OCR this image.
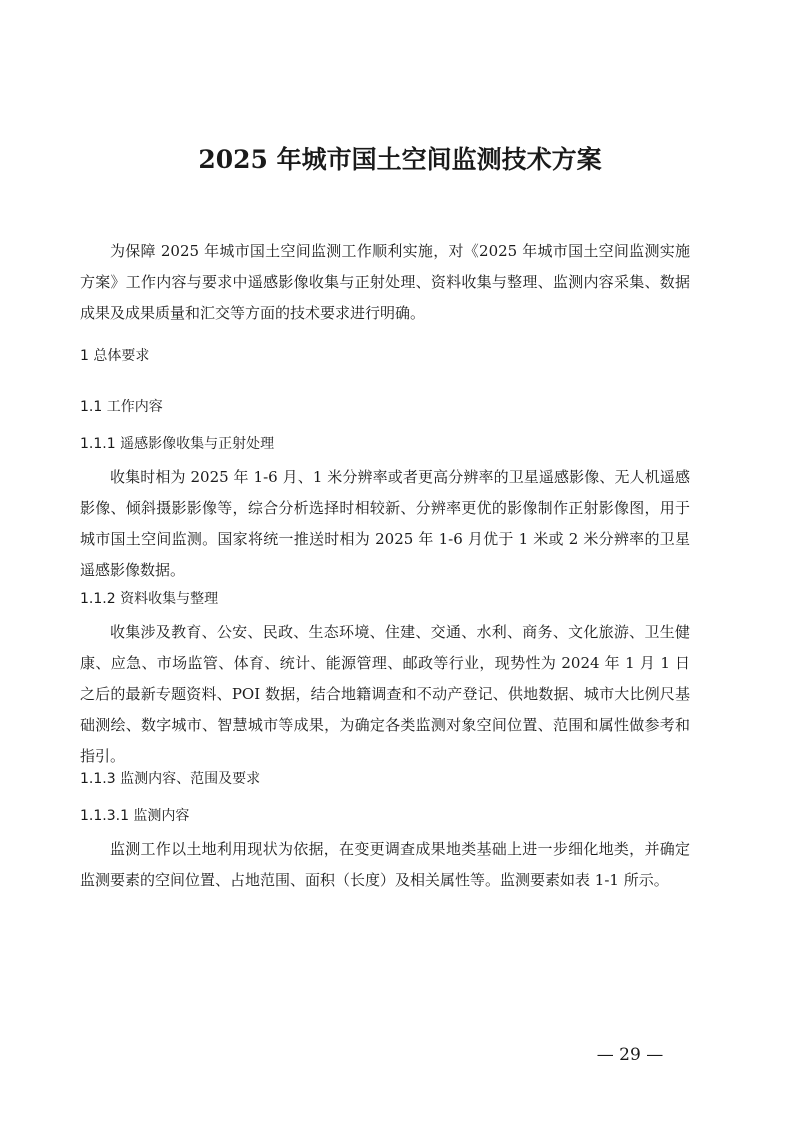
2025 年城市国土空间监测技术方案

为保障 2025 年城市国土空间监测工作顺利实施，对《2025 年城市国土空间监测实施方案》工作内容与要求中遥感影像收集与正射处理、资料收集与整理、监测内容采集、数据成果及成果质量和汇交等方面的技术要求进行明确。

1 总体要求
1.1 工作内容
1.1.1 遥感影像收集与正射处理

收集时相为 2025 年 1-6 月、1 米分辨率或者更高分辨率的卫星遥感影像、无人机遥感影像、倾斜摄影影像等，综合分析选择时相较新、分辨率更优的影像制作正射影像图，用于城市国土空间监测。国家将统一推送时相为 2025 年 1-6 月优于 1 米或 2 米分辨率的卫星遥感影像数据。

1.1.2 资料收集与整理

收集涉及教育、公安、民政、生态环境、住建、交通、水利、商务、文化旅游、卫生健康、应急、市场监管、体育、统计、能源管理、邮政等行业，现势性为 2024 年 1 月 1 日之后的最新专题资料、POI 数据，结合地籍调查和不动产登记、供地数据、城市大比例尺基础测绘、数字城市、智慧城市等成果，为确定各类监测对象空间位置、范围和属性做参考和指引。

1.1.3 监测内容、范围及要求
1.1.3.1 监测内容

监测工作以土地利用现状为依据，在变更调查成果地类基础上进一步细化地类，并确定监测要素的空间位置、占地范围、面积（长度）及相关属性等。监测要素如表 1-1 所示。

— 29 —
